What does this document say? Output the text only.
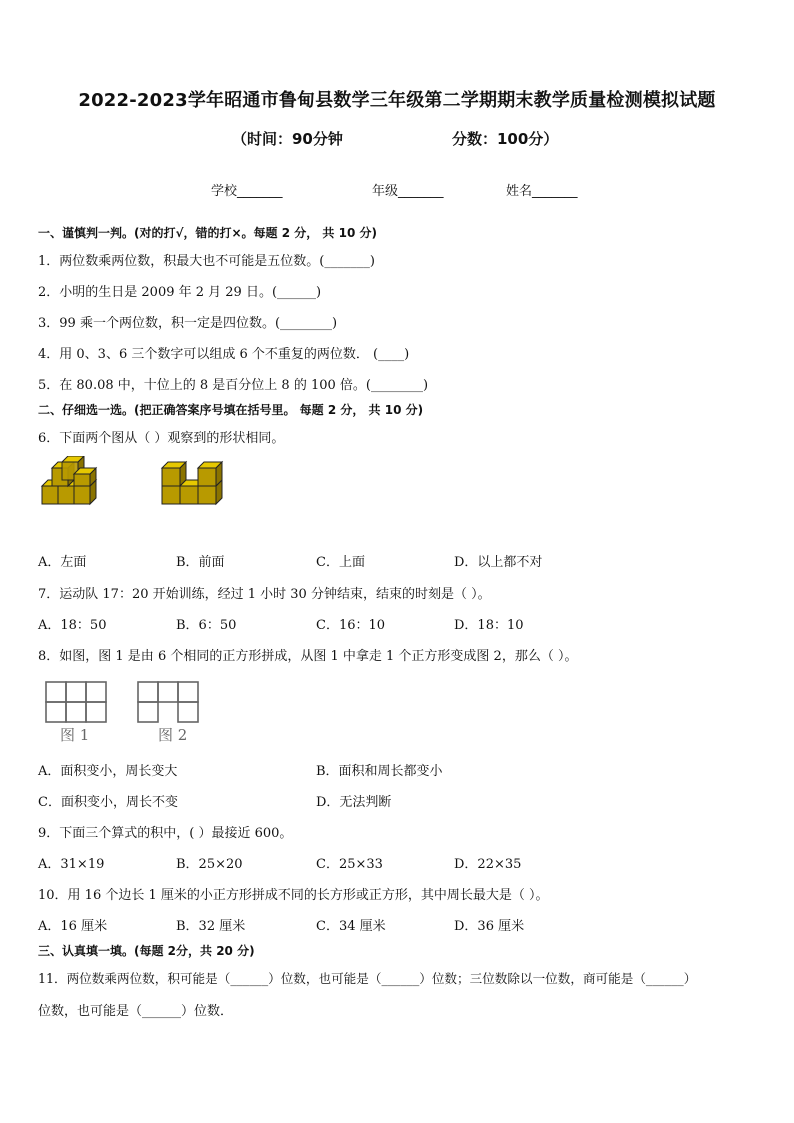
2022-2023学年昭通市鲁甸县数学三年级第二学期期末教学质量检测模拟试题
（时间：90分钟	分数：100分）
学校_______	年级_______	姓名_______
一、谨慎判一判。(对的打√，错的打×。每题 2 分， 共 10 分)
1．两位数乘两位数，积最大也不可能是五位数。(_______)
2．小明的生日是 2009 年 2 月 29 日。(______)
3．99 乘一个两位数，积一定是四位数。(________)
4．用 0、3、6 三个数字可以组成 6 个不重复的两位数． (____)
5．在 80.08 中，十位上的 8 是百分位上 8 的 100 倍。(________)
二、仔细选一选。(把正确答案序号填在括号里。 每题 2 分， 共 10 分)
6．下面两个图从（ ）观察到的形状相同。
A．左面	B．前面	C．上面	D．以上都不对
7．运动队 17：20 开始训练，经过 1 小时 30 分钟结束，结束的时刻是（ ）。
A．18：50	B．6：50	C．16：10	D．18：10
8．如图，图 1 是由 6 个相同的正方形拼成，从图 1 中拿走 1 个正方形变成图 2，那么（ ）。
图 1	图 2
A．面积变小，周长变大	B．面积和周长都变小
C．面积变小，周长不变	D．无法判断
9．下面三个算式的积中，( ）最接近 600。
A．31×19	B．25×20	C．25×33	D．22×35
10．用 16 个边长 1 厘米的小正方形拼成不同的长方形或正方形，其中周长最大是（ ）。
A．16 厘米	B．32 厘米	C．34 厘米	D．36 厘米
三、认真填一填。(每题 2分，共 20 分)
11．两位数乘两位数，积可能是（______）位数，也可能是（______）位数；三位数除以一位数，商可能是（______）
位数，也可能是（______）位数．
